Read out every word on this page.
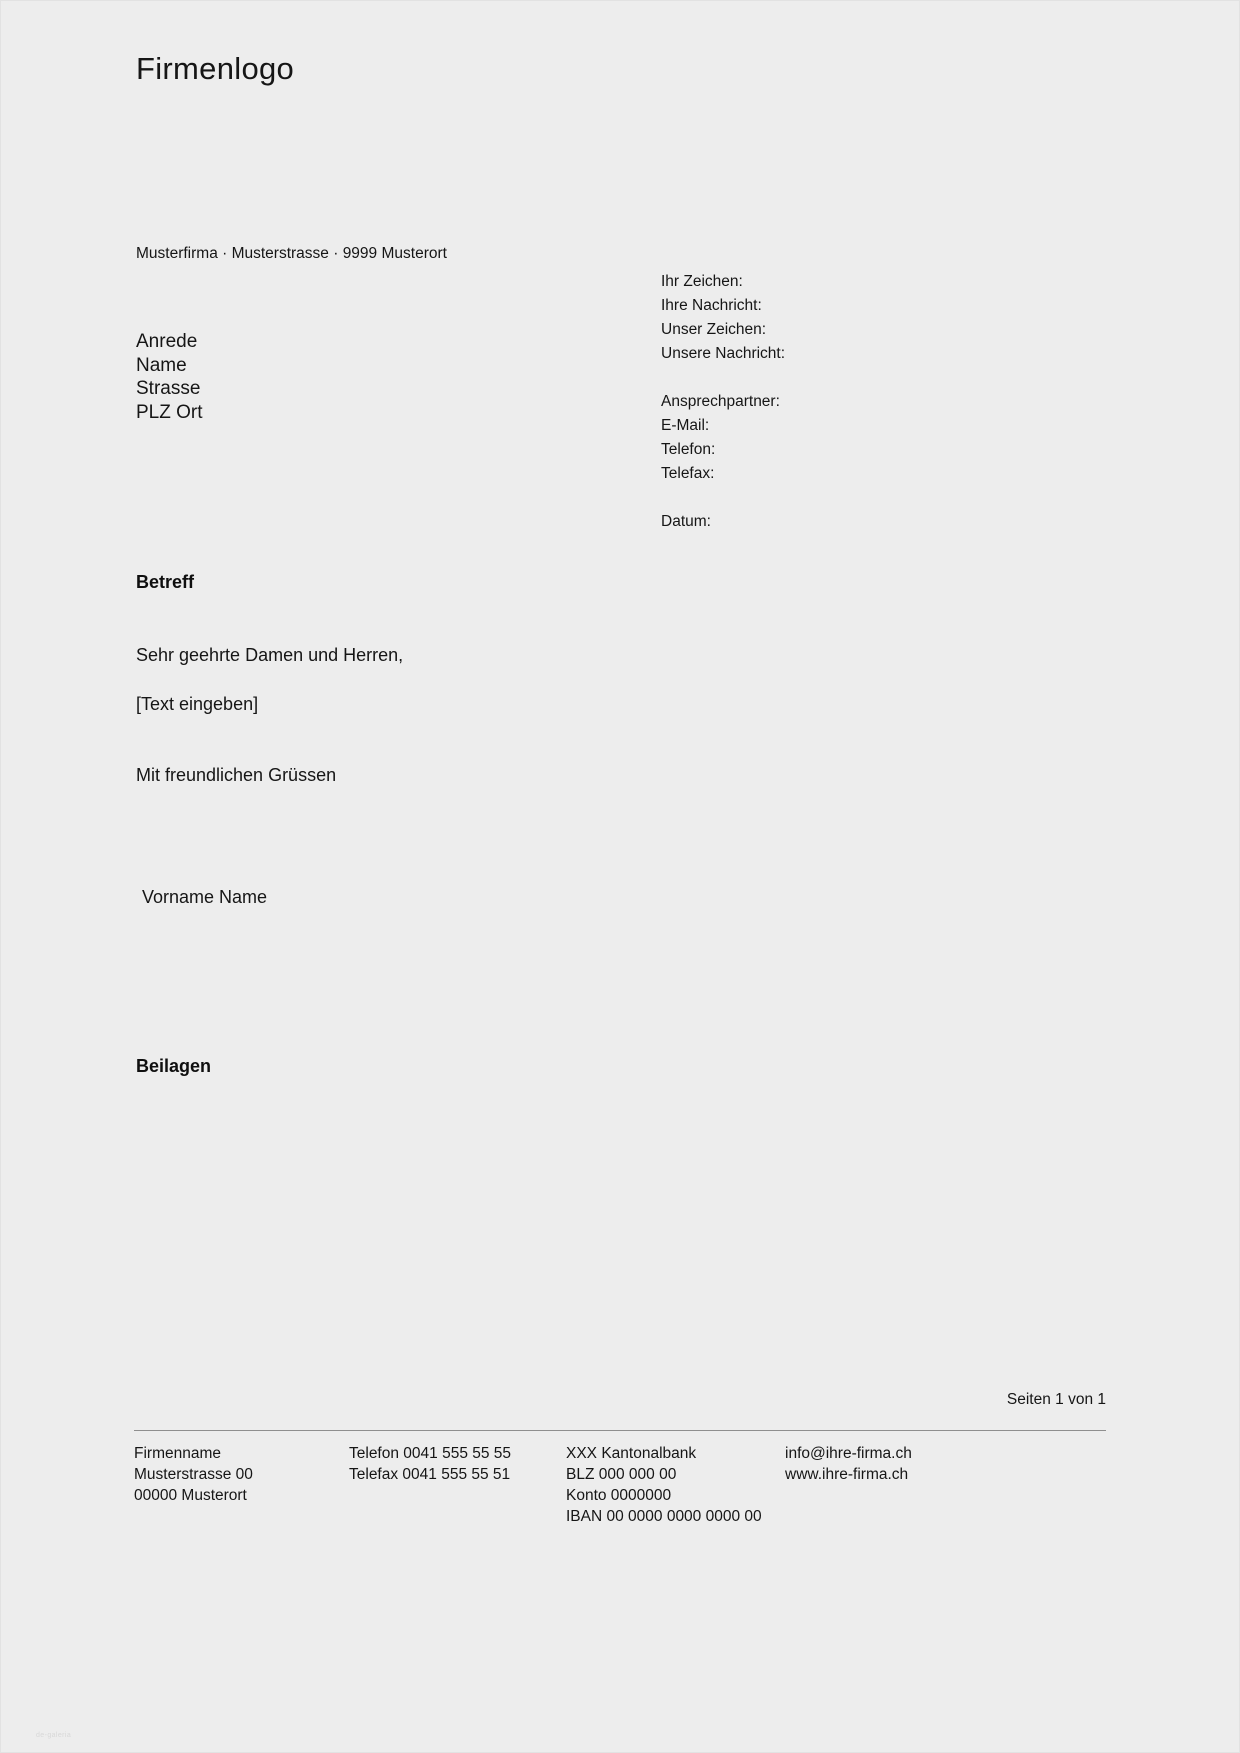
Firmenlogo
Musterfirma · Musterstrasse · 9999 Musterort
Anrede
Name
Strasse
PLZ Ort
Ihr Zeichen:
Ihre Nachricht:
Unser Zeichen:
Unsere Nachricht:
Ansprechpartner:
E-Mail:
Telefon:
Telefax:
Datum:
Betreff
Sehr geehrte Damen und Herren,
[Text eingeben]
Mit freundlichen Grüssen
Vorname Name
Beilagen
Seiten 1 von 1
Firmenname
Musterstrasse 00
00000 Musterort
Telefon 0041 555 55 55
Telefax 0041 555 55 51
XXX Kantonalbank
BLZ 000 000 00
Konto 0000000
IBAN 00 0000 0000 0000 00
info@ihre-firma.ch
www.ihre-firma.ch
de-galeria
